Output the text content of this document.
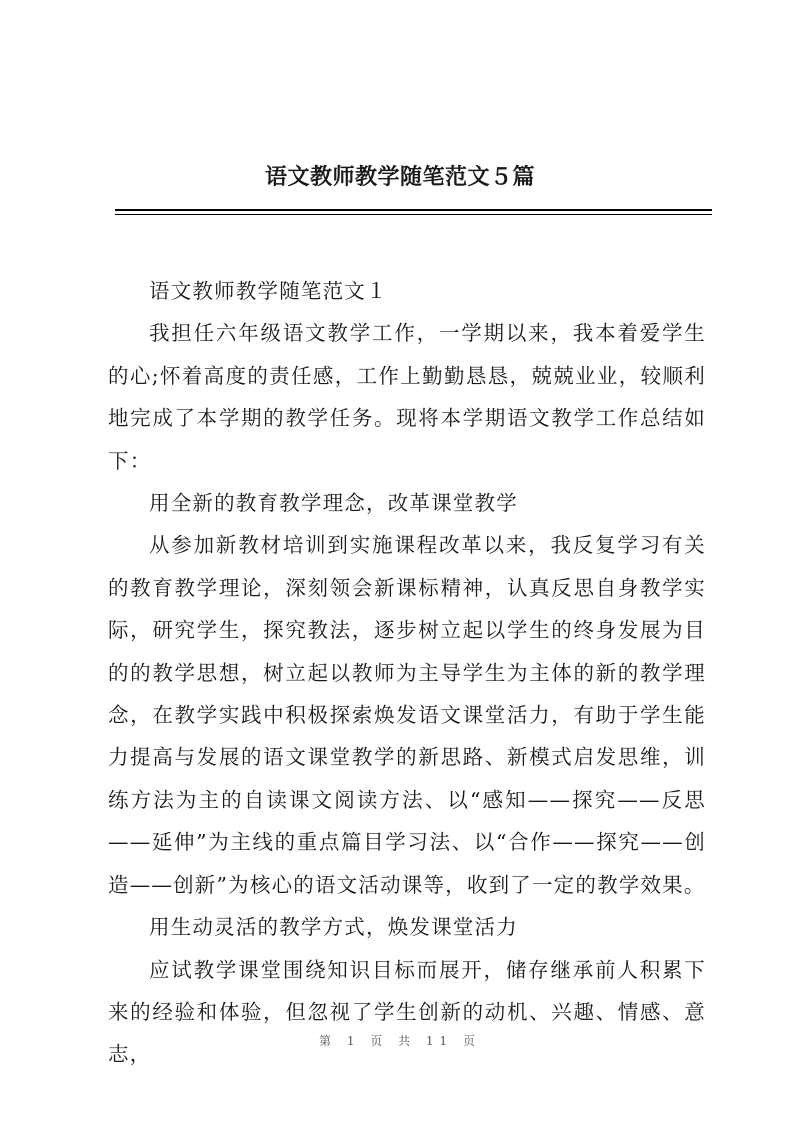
语文教师教学随笔范文５篇

语文教师教学随笔范文１

我担任六年级语文教学工作，一学期以来，我本着爱学生的心;怀着高度的责任感，工作上勤勤恳恳，兢兢业业，较顺利地完成了本学期的教学任务。现将本学期语文教学工作总结如下：

用全新的教育教学理念，改革课堂教学

从参加新教材培训到实施课程改革以来，我反复学习有关的教育教学理论，深刻领会新课标精神，认真反思自身教学实际，研究学生，探究教法，逐步树立起以学生的终身发展为目的的教学思想，树立起以教师为主导学生为主体的新的教学理念，在教学实践中积极探索焕发语文课堂活力，有助于学生能力提高与发展的语文课堂教学的新思路、新模式启发思维，训练方法为主的自读课文阅读方法、以“感知——探究——反思——延伸”为主线的重点篇目学习法、以“合作——探究——创造——创新”为核心的语文活动课等，收到了一定的教学效果。

用生动灵活的教学方式，焕发课堂活力

应试教学课堂围绕知识目标而展开，储存继承前人积累下来的经验和体验，但忽视了学生创新的动机、兴趣、情感、意志，

第 1 页 共 11 页
